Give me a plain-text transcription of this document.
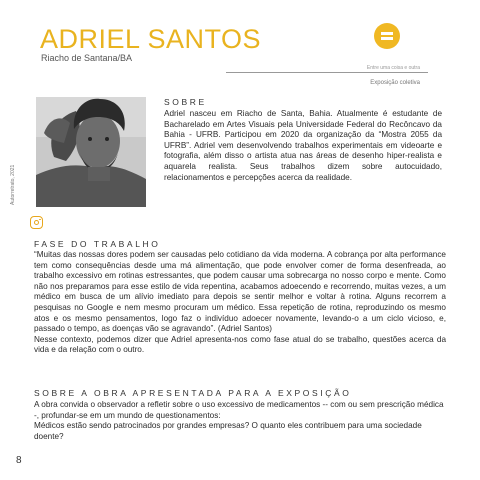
ADRIEL SANTOS
Riacho de Santana/BA
Entre uma coisa e outra
Exposição coletiva
Autorretrato, 2021
SOBRE
Adriel nasceu em Riacho de Santa, Bahia. Atualmente é estudante de Bacharelado em Artes Visuais pela Universidade Federal do Recôncavo da Bahia - UFRB. Participou em 2020 da organização da “Mostra 2055 da UFRB”. Adriel vem desenvolvendo trabalhos experimentais em videoarte e fotografia, além disso o artista atua nas áreas de desenho hiper-realista e aquarela realista. Seus trabalhos dizem sobre autocuidado, relacionamentos e percepções acerca da realidade.
FASE DO TRABALHO
“Muitas das nossas dores podem ser causadas pelo cotidiano da vida moderna. A cobrança por alta performance tem como consequências desde uma má alimentação, que pode envolver comer de forma desenfreada, ao trabalho excessivo em rotinas estressantes, que podem causar uma sobrecarga no nosso corpo e mente. Como não nos preparamos para esse estilo de vida repentina, acabamos adoecendo e recorrendo, muitas vezes, a um médico em busca de um alívio imediato para depois se sentir melhor e voltar à rotina. Alguns recorrem a pesquisas no Google e nem mesmo procuram um médico. Essa repetição de rotina, reproduzindo os mesmo atos e os mesmo pensamentos, logo faz o indivíduo adoecer novamente, levando-o a um ciclo vicioso, e, passado o tempo, as doenças vão se agravando”. (Adriel Santos)
Nesse contexto, podemos dizer que Adriel apresenta-nos como fase atual do se trabalho, questões acerca da vida e da relação com o outro.
SOBRE A OBRA APRESENTADA PARA A EXPOSIÇÃO
A obra convida o observador a refletir sobre o uso excessivo de medicamentos -- com ou sem prescrição médica -, profundar-se em um mundo de questionamentos:
Médicos estão sendo patrocinados por grandes empresas? O quanto eles contribuem para uma sociedade doente?
8
